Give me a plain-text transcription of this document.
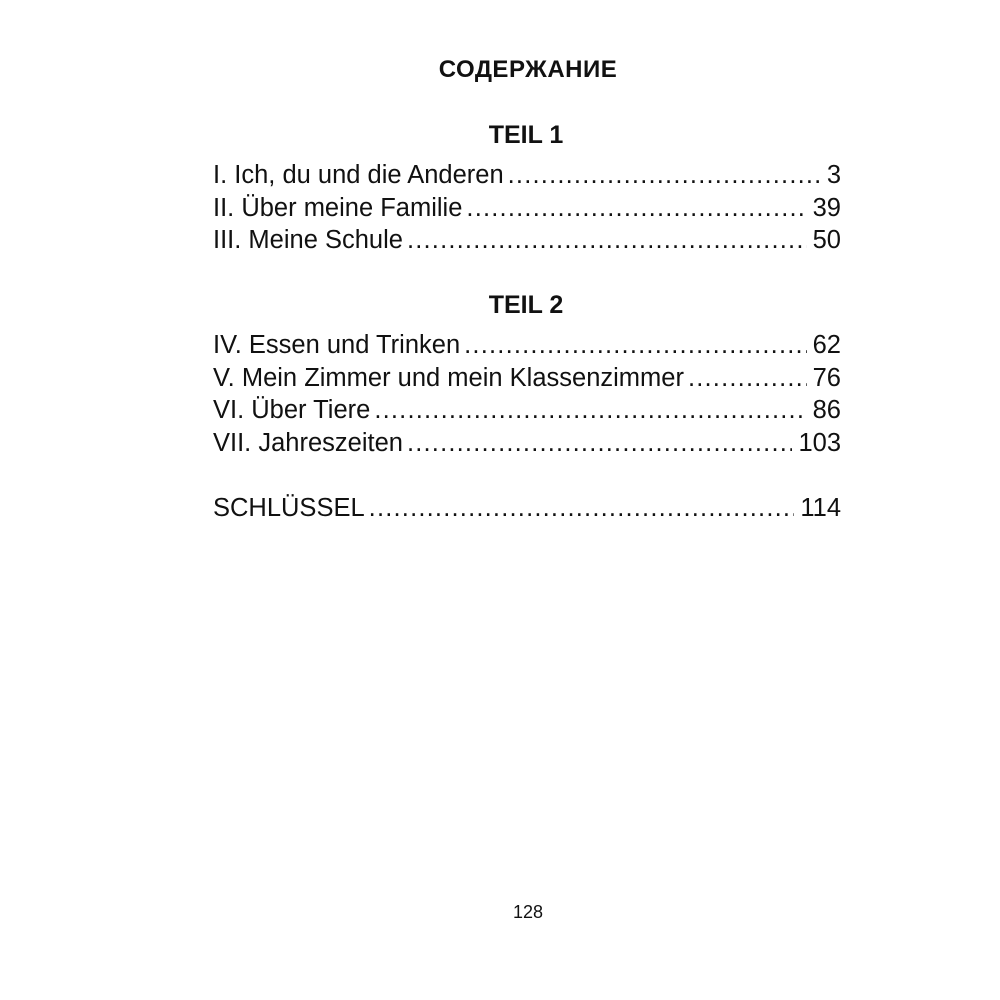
СОДЕРЖАНИЕ
TEIL 1
I. Ich, du und die Anderen .....	3
II. Über meine Familie .....	39
III. Meine Schule .....	50
TEIL 2
IV. Essen und Trinken .....	62
V. Mein Zimmer und mein Klassenzimmer .....	76
VI. Über Tiere .....	86
VII. Jahreszeiten .....	103
SCHLÜSSEL .....	114
128
